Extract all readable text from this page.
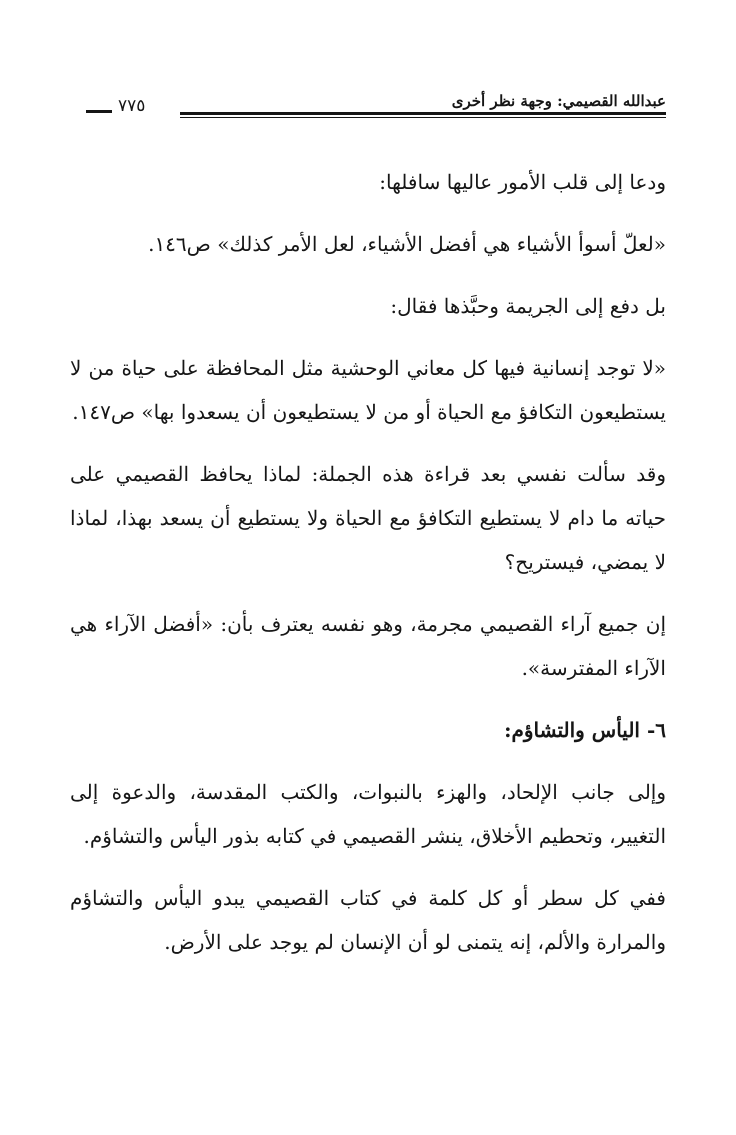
٧٧٥	عبدالله القصيمي: وجهة نظر أخرى

ودعا إلى قلب الأمور عاليها سافلها:

«لعلّ أسوأ الأشياء هي أفضل الأشياء، لعل الأمر كذلك» ص١٤٦.

بل دفع إلى الجريمة وحبَّذها فقال:

«لا توجد إنسانية فيها كل معاني الوحشية مثل المحافظة على حياة من لا يستطيعون التكافؤ مع الحياة أو من لا يستطيعون أن يسعدوا بها» ص١٤٧.

وقد سألت نفسي بعد قراءة هذه الجملة: لماذا يحافظ القصيمي على حياته ما دام لا يستطيع التكافؤ مع الحياة ولا يستطيع أن يسعد بهذا، لماذا لا يمضي، فيستريح؟

إن جميع آراء القصيمي مجرمة، وهو نفسه يعترف بأن: «أفضل الآراء هي الآراء المفترسة».

٦- اليأس والتشاؤم:

وإلى جانب الإلحاد، والهزء بالنبوات، والكتب المقدسة، والدعوة إلى التغيير، وتحطيم الأخلاق، ينشر القصيمي في كتابه بذور اليأس والتشاؤم.

ففي كل سطر أو كل كلمة في كتاب القصيمي يبدو اليأس والتشاؤم والمرارة والألم، إنه يتمنى لو أن الإنسان لم يوجد على الأرض.
